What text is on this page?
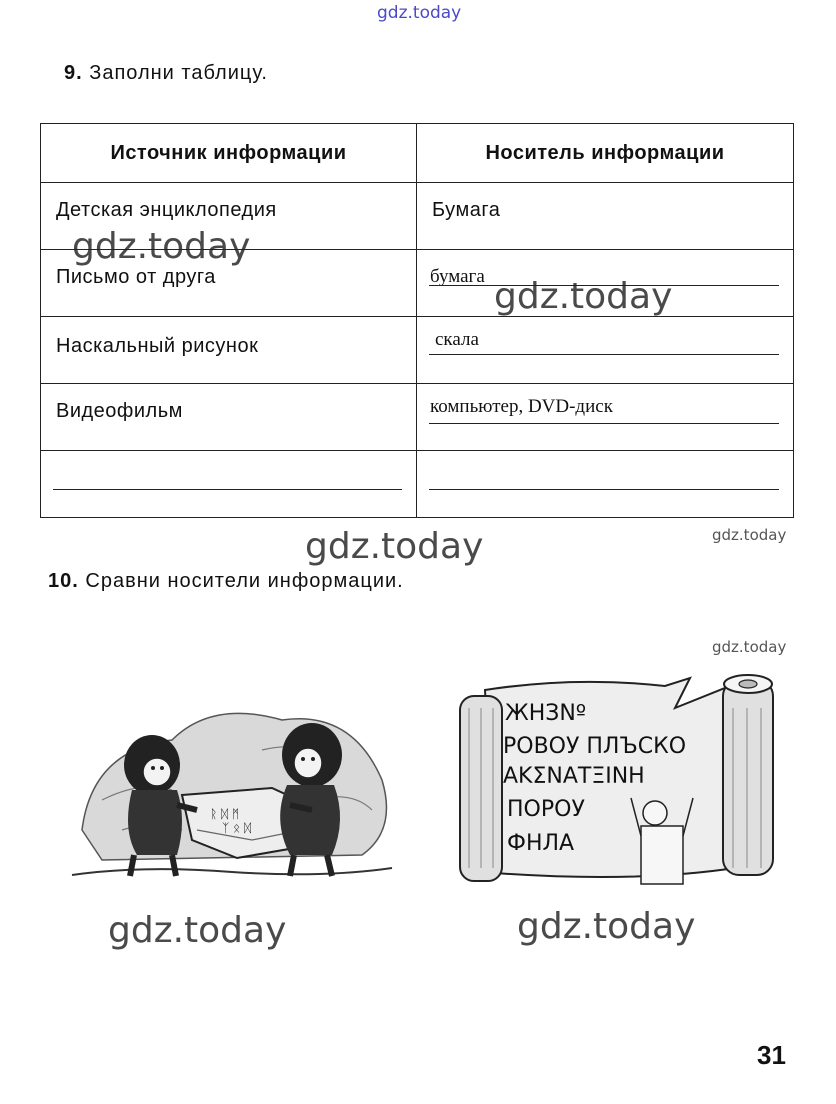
gdz.today
gdz.today
gdz.today
gdz.today	gdz.today
gdz.today
gdz.today	gdz.today
9. Заполни таблицу.
Источник информации	Носитель информации

Детская энциклопедия	Бумага

Письмо от друга	бумага

Наскальный рисунок	скала

Видеофильм	компьютер, DVD-диск

10. Сравни носители информации.
ᚱ ᛞ ᛗ
ᛉ ᛟ ᛞ
ЖНЗNº
РОВОУ ПЛЪСКО
ΑΚΣΝΑΤΞΙΝΗ
ПОРОУ
ФНЛА
31
